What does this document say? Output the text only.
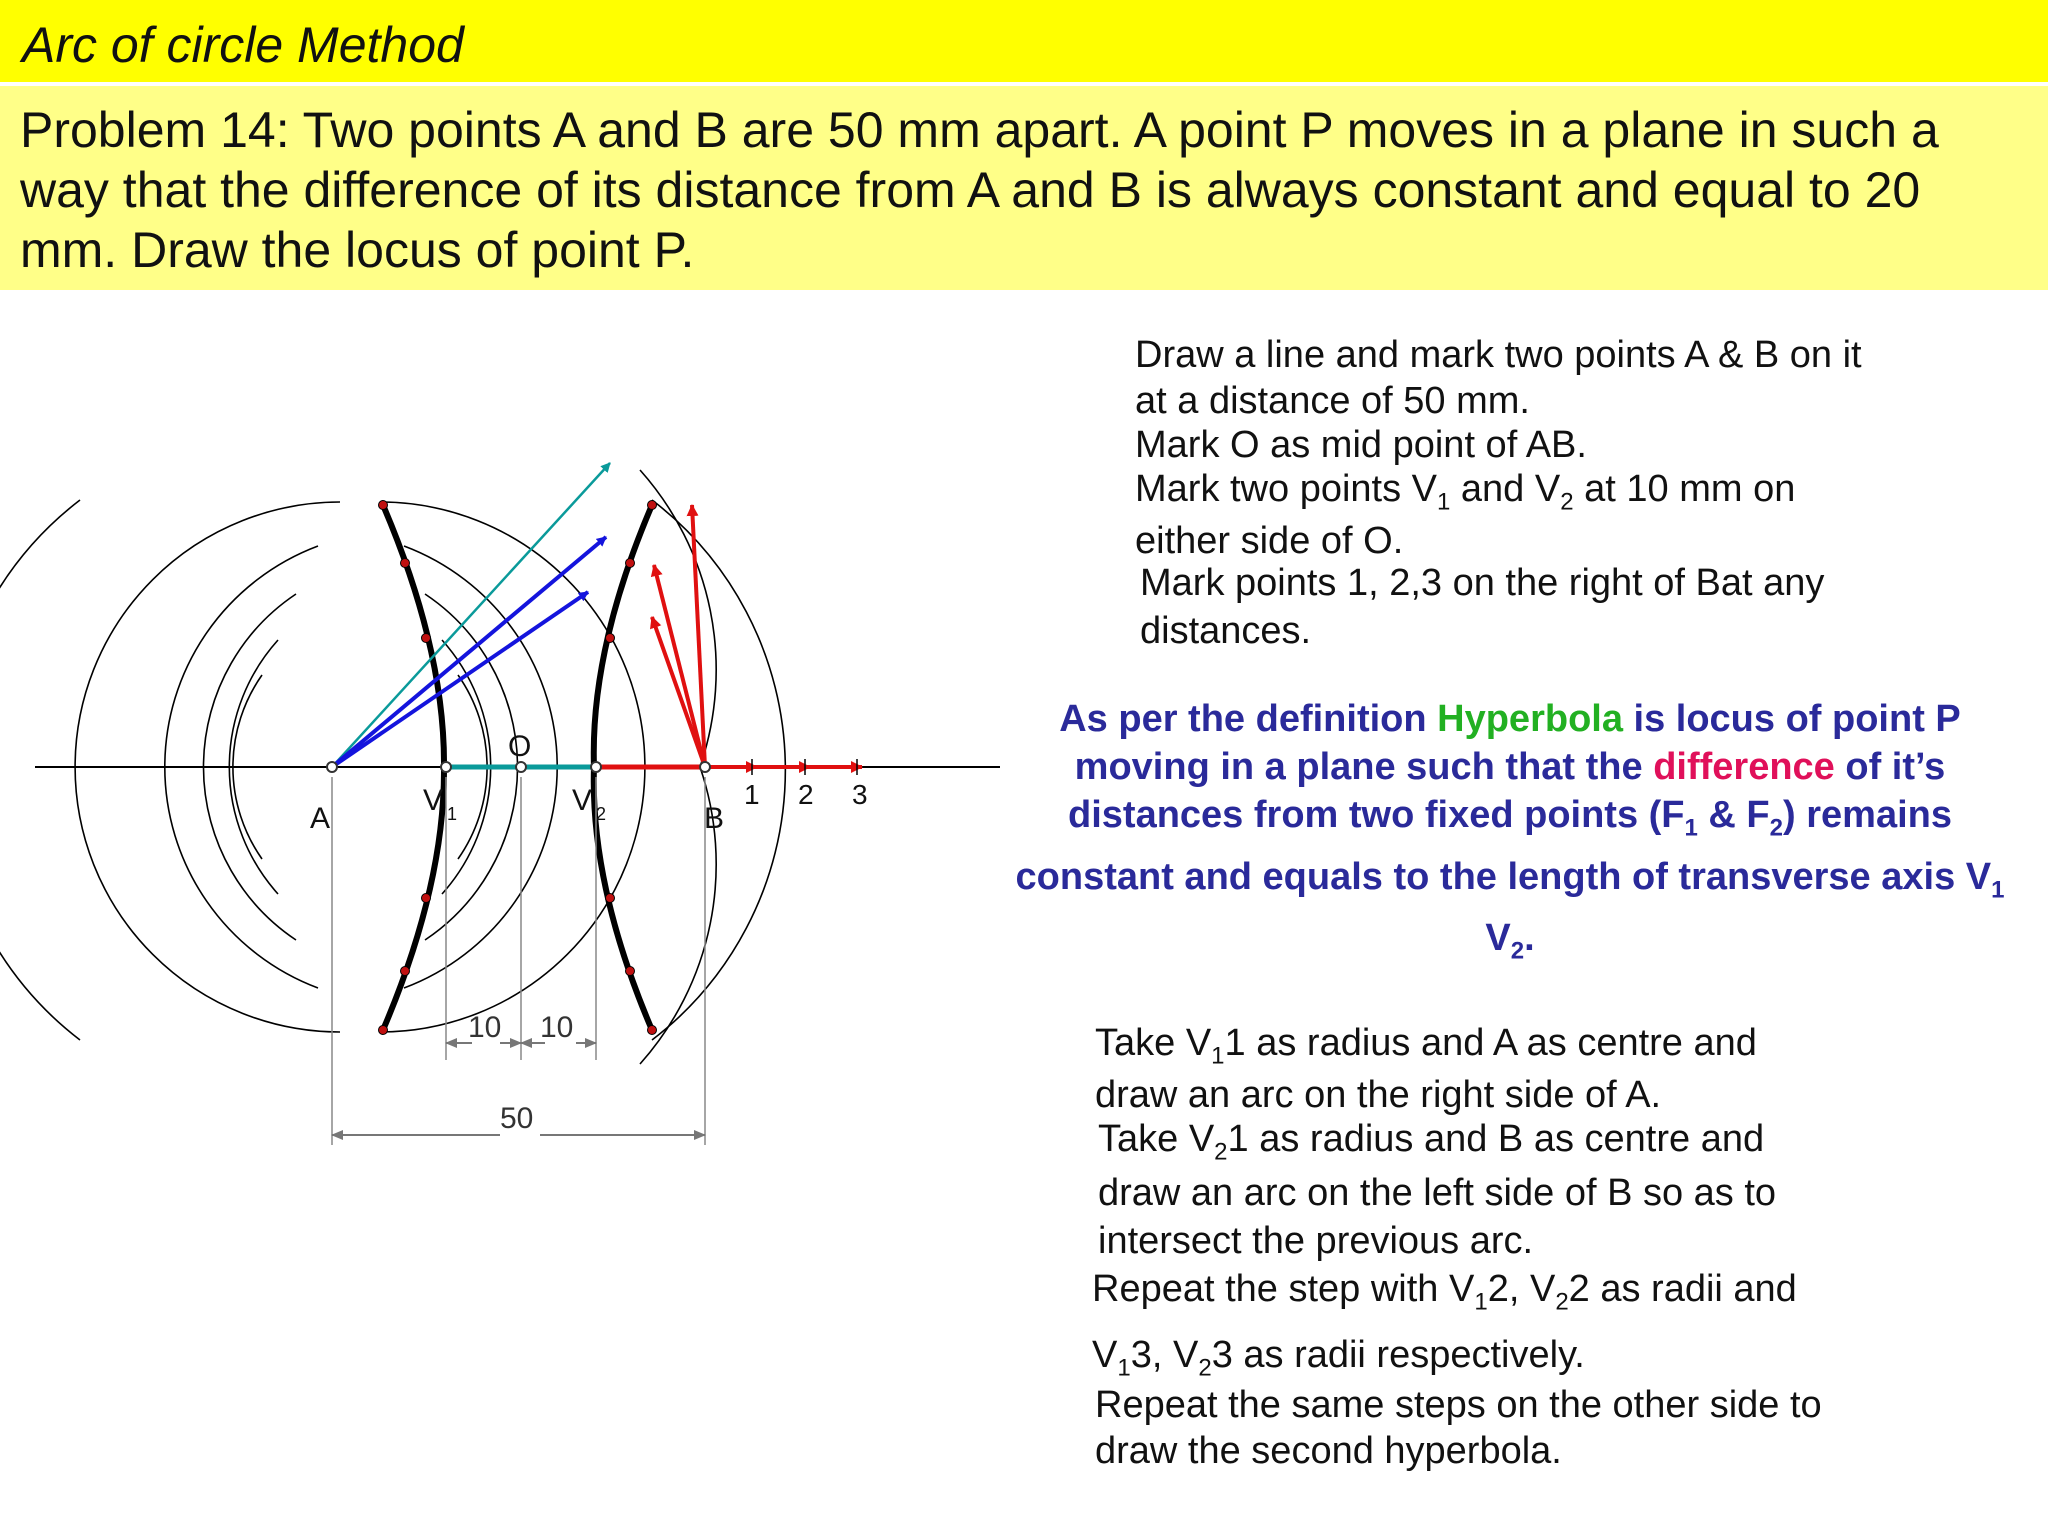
Arc of circle Method
Problem 14: Two points A and B are 50 mm apart. A point P moves in a plane in such a way that the difference of its distance from A and B is always constant and equal to 20 mm. Draw the locus of point P.
A	B
O
V 1	V 2
1 2 3
10 10
50
Draw a line and mark two points A & B on it
at a distance of 50 mm.
Mark O as mid point of AB.
Mark two points $V_1$ and $V_2$ at 10 mm on
either side of O.
Mark points 1, 2,3 on the right of Bat any
distances.
As per the definition Hyperbola is locus of point P moving in a plane such that the difference of it’s distances from two fixed points ($F_1$ & $F_2$) remains constant and equals to the length of transverse axis $V_1$ $V_2$.
Take $V_11$ as radius and A as centre and
draw an arc on the right side of A.
Take $V_21$ as radius and B as centre and
draw an arc on the left side of B so as to
intersect the previous arc.
Repeat the step with $V_12$, $V_22$ as radii and
$V_13$, $V_23$ as radii respectively.
Repeat the same steps on the other side to
draw the second hyperbola.
